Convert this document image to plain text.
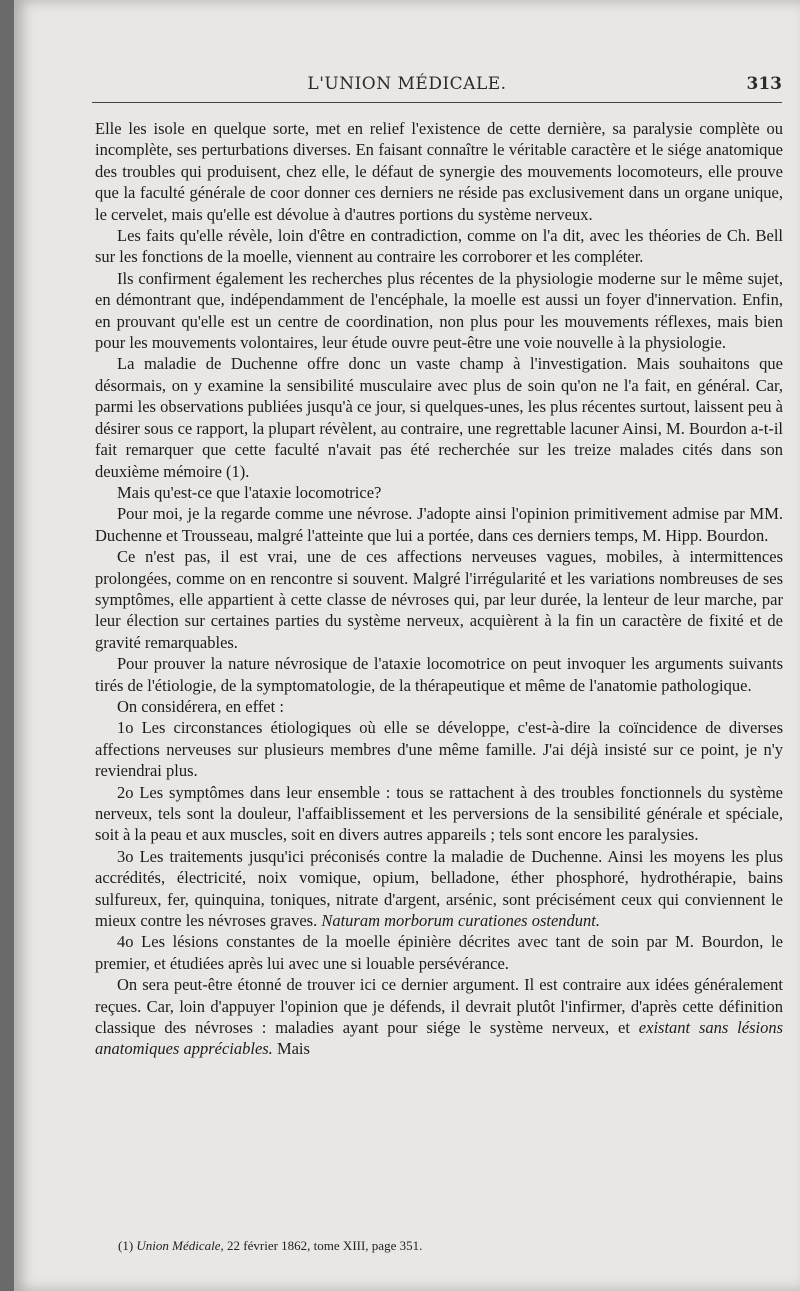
L'UNION MÉDICALE.	313

Elle les isole en quelque sorte, met en relief l'existence de cette dernière, sa paralysie complète ou incomplète, ses perturbations diverses. En faisant connaître le véritable caractère et le siége anatomique des troubles qui produisent, chez elle, le défaut de synergie des mouvements locomoteurs, elle prouve que la faculté générale de coor donner ces derniers ne réside pas exclusivement dans un organe unique, le cervelet, mais qu'elle est dévolue à d'autres portions du système nerveux.

Les faits qu'elle révèle, loin d'être en contradiction, comme on l'a dit, avec les théories de Ch. Bell sur les fonctions de la moelle, viennent au contraire les corroborer et les compléter.

Ils confirment également les recherches plus récentes de la physiologie moderne sur le même sujet, en démontrant que, indépendamment de l'encéphale, la moelle est aussi un foyer d'innervation. Enfin, en prouvant qu'elle est un centre de coordination, non plus pour les mouvements réflexes, mais bien pour les mouvements volontaires, leur étude ouvre peut-être une voie nouvelle à la physiologie.

La maladie de Duchenne offre donc un vaste champ à l'investigation. Mais souhaitons que désormais, on y examine la sensibilité musculaire avec plus de soin qu'on ne l'a fait, en général. Car, parmi les observations publiées jusqu'à ce jour, si quelques-unes, les plus récentes surtout, laissent peu à désirer sous ce rapport, la plupart révèlent, au contraire, une regrettable lacuner Ainsi, M. Bourdon a-t-il fait remarquer que cette faculté n'avait pas été recherchée sur les treize malades cités dans son deuxième mémoire (1).

Mais qu'est-ce que l'ataxie locomotrice?

Pour moi, je la regarde comme une névrose. J'adopte ainsi l'opinion primitivement admise par MM. Duchenne et Trousseau, malgré l'atteinte que lui a portée, dans ces derniers temps, M. Hipp. Bourdon.

Ce n'est pas, il est vrai, une de ces affections nerveuses vagues, mobiles, à intermittences prolongées, comme on en rencontre si souvent. Malgré l'irrégularité et les variations nombreuses de ses symptômes, elle appartient à cette classe de névroses qui, par leur durée, la lenteur de leur marche, par leur élection sur certaines parties du système nerveux, acquièrent à la fin un caractère de fixité et de gravité remarquables.

Pour prouver la nature névrosique de l'ataxie locomotrice on peut invoquer les arguments suivants tirés de l'étiologie, de la symptomatologie, de la thérapeutique et même de l'anatomie pathologique.

On considérera, en effet :

1o Les circonstances étiologiques où elle se développe, c'est-à-dire la coïncidence de diverses affections nerveuses sur plusieurs membres d'une même famille. J'ai déjà insisté sur ce point, je n'y reviendrai plus.

2o Les symptômes dans leur ensemble : tous se rattachent à des troubles fonctionnels du système nerveux, tels sont la douleur, l'affaiblissement et les perversions de la sensibilité générale et spéciale, soit à la peau et aux muscles, soit en divers autres appareils ; tels sont encore les paralysies.

3o Les traitements jusqu'ici préconisés contre la maladie de Duchenne. Ainsi les moyens les plus accrédités, électricité, noix vomique, opium, belladone, éther phosphoré, hydrothérapie, bains sulfureux, fer, quinquina, toniques, nitrate d'argent, arsénic, sont précisément ceux qui conviennent le mieux contre les névroses graves. Naturam morborum curationes ostendunt.

4o Les lésions constantes de la moelle épinière décrites avec tant de soin par M. Bourdon, le premier, et étudiées après lui avec une si louable persévérance.

On sera peut-être étonné de trouver ici ce dernier argument. Il est contraire aux idées généralement reçues. Car, loin d'appuyer l'opinion que je défends, il devrait plutôt l'infirmer, d'après cette définition classique des névroses : maladies ayant pour siége le système nerveux, et existant sans lésions anatomiques appréciables. Mais

(1) Union Médicale, 22 février 1862, tome XIII, page 351.
